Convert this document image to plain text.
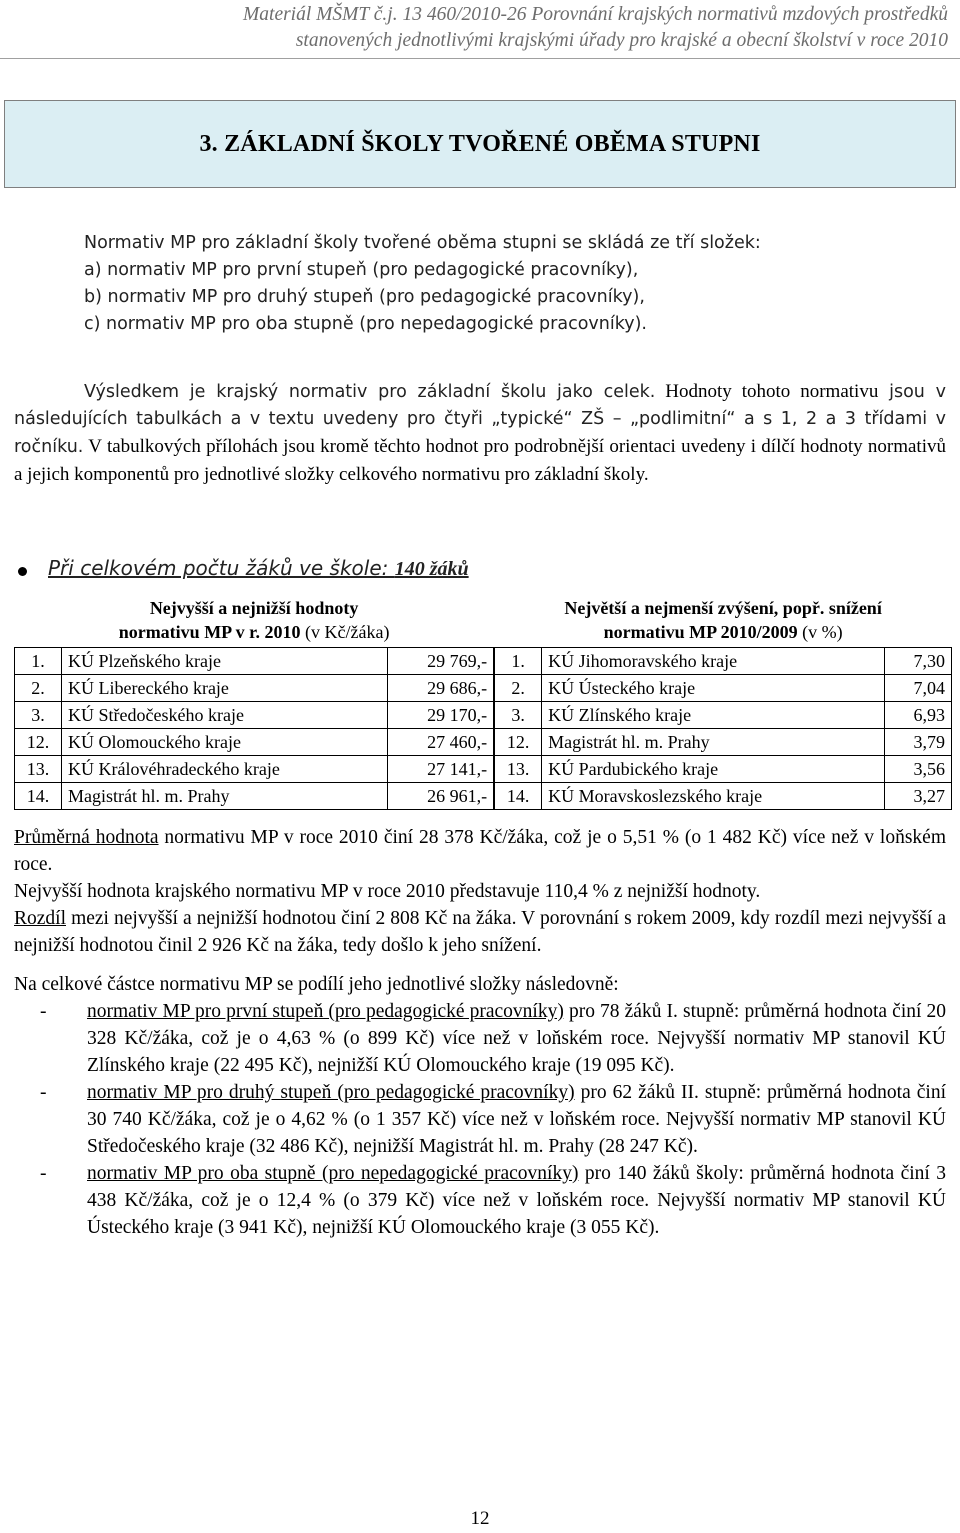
Materiál MŠMT č.j. 13 460/2010-26 Porovnání krajských normativů mzdových prostředků
stanovených jednotlivými krajskými úřady pro krajské a obecní školství v roce 2010
3. ZÁKLADNÍ ŠKOLY TVOŘENÉ OBĚMA STUPNI
Normativ MP pro základní školy tvořené oběma stupni se skládá ze tří složek:
a) normativ MP pro první stupeň (pro pedagogické pracovníky),
b) normativ MP pro druhý stupeň (pro pedagogické pracovníky),
c) normativ MP pro oba stupně (pro nepedagogické pracovníky).
Výsledkem je krajský normativ pro základní školu jako celek. Hodnoty tohoto normativu jsou v následujících tabulkách a v textu uvedeny pro čtyři „typické“ ZŠ – „podlimitní“ a s 1, 2 a 3 třídami v ročníku. V tabulkových přílohách jsou kromě těchto hodnot pro podrobnější orientaci uvedeny i dílčí hodnoty normativů a jejich komponentů pro jednotlivé složky celkového normativu pro základní školy.
Při celkovém počtu žáků ve škole: 140 žáků
Nejvyšší a nejnižší hodnoty
normativu MP v r. 2010 (v Kč/žáka)			Největší a nejmenší zvýšení, popř. snížení
normativu MP 2010/2009 (v %)		
1.	KÚ Plzeňského kraje	29 769,-		1.	KÚ Jihomoravského kraje	7,30
2.	KÚ Libereckého kraje	29 686,-		2.	KÚ Ústeckého kraje	7,04
3.	KÚ Středočeského kraje	29 170,-		3.	KÚ Zlínského kraje	6,93
12.	KÚ Olomouckého kraje	27 460,-		12.	Magistrát hl. m. Prahy	3,79
13.	KÚ Královéhradeckého kraje	27 141,-		13.	KÚ Pardubického kraje	3,56
14.	Magistrát hl. m. Prahy	26 961,-		14.	KÚ Moravskoslezského kraje	3,27

Průměrná hodnota normativu MP v roce 2010 činí 28 378 Kč/žáka, což je o 5,51 % (o 1 482 Kč) více než v loňském roce.

Nejvyšší hodnota krajského normativu MP v roce 2010 představuje 110,4 % z nejnižší hodnoty.

Rozdíl mezi nejvyšší a nejnižší hodnotou činí 2 808 Kč na žáka. V porovnání s rokem 2009, kdy rozdíl mezi nejvyšší a nejnižší hodnotou činil 2 926 Kč na žáka, tedy došlo k jeho snížení.

Na celkové částce normativu MP se podílí jeho jednotlivé složky následovně:

- normativ MP pro první stupeň (pro pedagogické pracovníky) pro 78 žáků I. stupně: průměrná hodnota činí 20 328 Kč/žáka, což je o 4,63 % (o 899 Kč) více než v loňském roce. Nejvyšší normativ MP stanovil KÚ Zlínského kraje (22 495 Kč), nejnižší KÚ Olomouckého kraje (19 095 Kč).
- normativ MP pro druhý stupeň (pro pedagogické pracovníky) pro 62 žáků II. stupně: průměrná hodnota činí 30 740 Kč/žáka, což je o 4,62 % (o 1 357 Kč) více než v loňském roce. Nejvyšší normativ MP stanovil KÚ Středočeského kraje (32 486 Kč), nejnižší Magistrát hl. m. Prahy (28 247 Kč).
- normativ MP pro oba stupně (pro nepedagogické pracovníky) pro 140 žáků školy: průměrná hodnota činí 3 438 Kč/žáka, což je o 12,4 % (o 379 Kč) více než v loňském roce. Nejvyšší normativ MP stanovil KÚ Ústeckého kraje (3 941 Kč), nejnižší KÚ Olomouckého kraje (3 055 Kč).
12
